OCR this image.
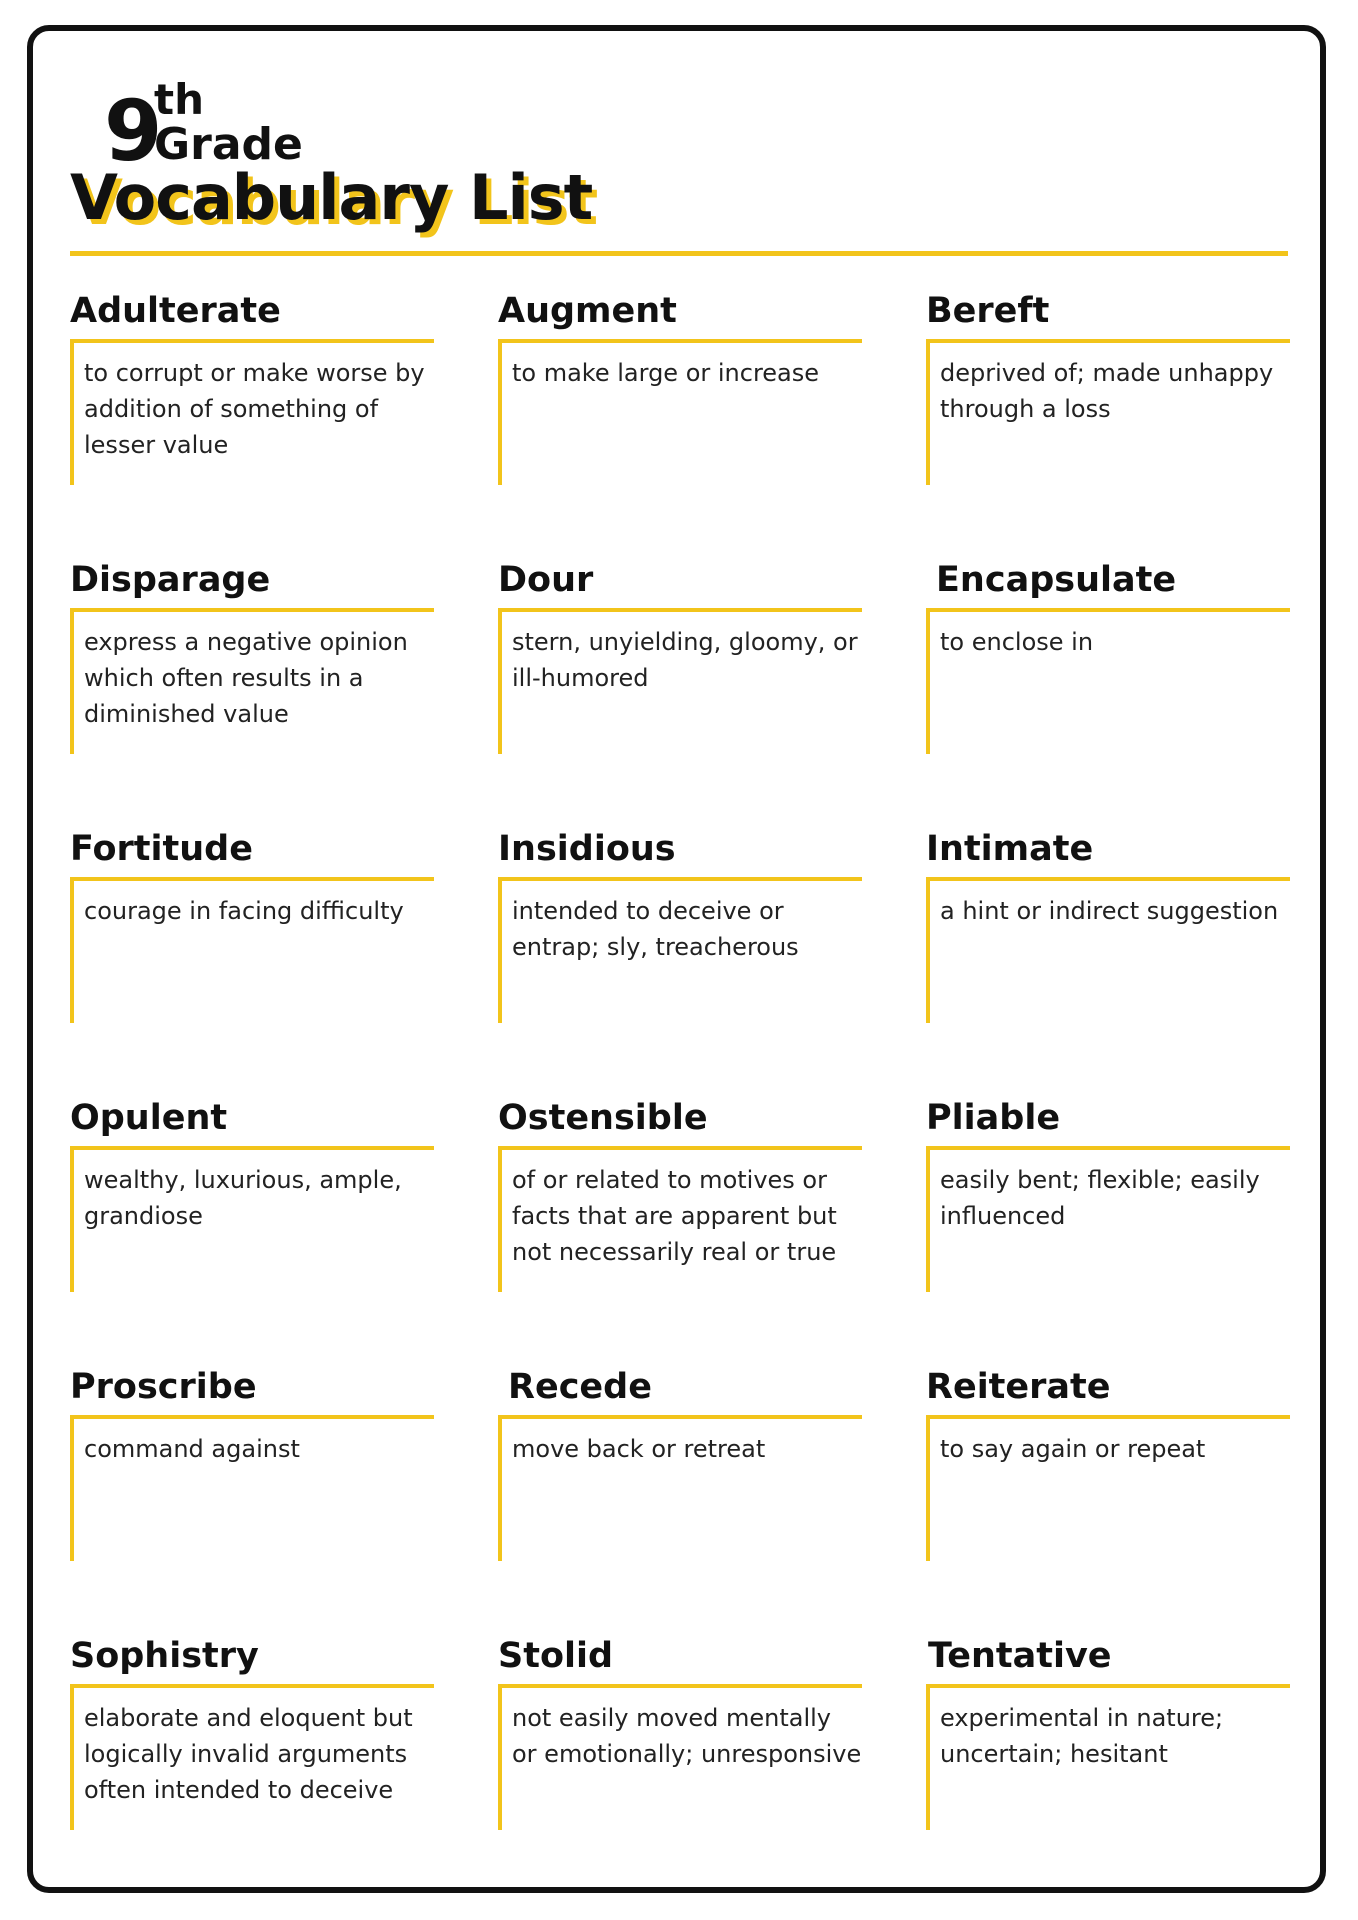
9
th
Grade
Vocabulary List
Adulterate
to corrupt or make worse by addition of something of lesser value
Augment
to make large or increase
Bereft
deprived of; made unhappy through a loss
Disparage
express a negative opinion which often results in a diminished value
Dour
stern, unyielding, gloomy, or ill-humored
Encapsulate
to enclose in
Fortitude
courage in facing difficulty
Insidious
intended to deceive or entrap; sly, treacherous
Intimate
a hint or indirect suggestion
Opulent
wealthy, luxurious, ample, grandiose
Ostensible
of or related to motives or facts that are apparent but not necessarily real or true
Pliable
easily bent; flexible; easily influenced
Proscribe
command against
Recede
move back or retreat
Reiterate
to say again or repeat
Sophistry
elaborate and eloquent but logically invalid arguments often intended to deceive
Stolid
not easily moved mentally or emotionally; unresponsive
Tentative
experimental in nature; uncertain; hesitant
